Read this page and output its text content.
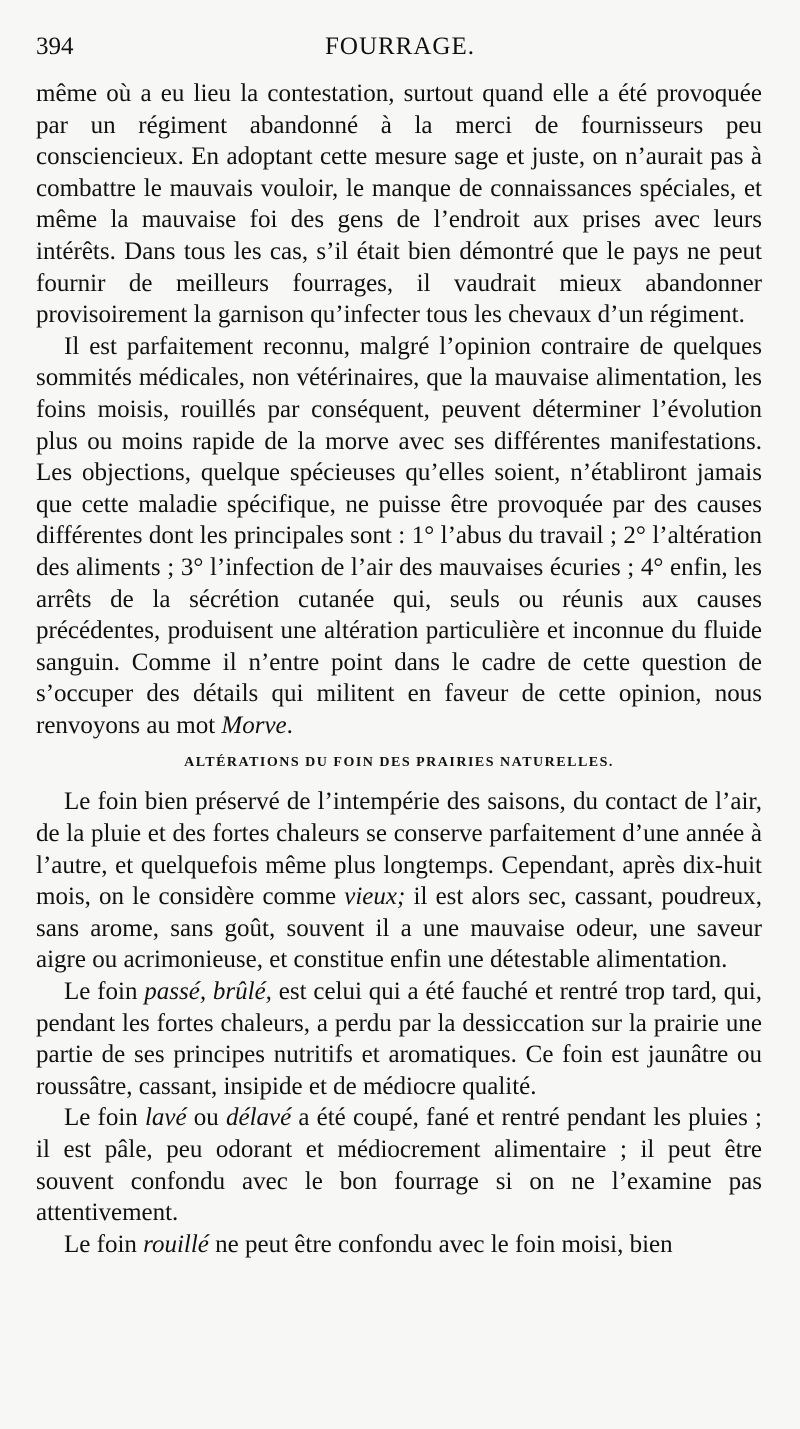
394	FOURRAGE.

même où a eu lieu la contestation, surtout quand elle a été provoquée par un régiment abandonné à la merci de fournisseurs peu consciencieux. En adoptant cette mesure sage et juste, on n’aurait pas à combattre le mauvais vouloir, le manque de connaissances spéciales, et même la mauvaise foi des gens de l’endroit aux prises avec leurs intérêts. Dans tous les cas, s’il était bien démontré que le pays ne peut fournir de meilleurs fourrages, il vaudrait mieux abandonner provisoirement la garnison qu’infecter tous les chevaux d’un régiment.

Il est parfaitement reconnu, malgré l’opinion contraire de quelques sommités médicales, non vétérinaires, que la mauvaise alimentation, les foins moisis, rouillés par conséquent, peuvent déterminer l’évolution plus ou moins rapide de la morve avec ses différentes manifestations. Les objections, quelque spécieuses qu’elles soient, n’établiront jamais que cette maladie spécifique, ne puisse être provoquée par des causes différentes dont les principales sont : 1° l’abus du travail ; 2° l’altération des aliments ; 3° l’infection de l’air des mauvaises écuries ; 4° enfin, les arrêts de la sécrétion cutanée qui, seuls ou réunis aux causes précédentes, produisent une altération particulière et inconnue du fluide sanguin. Comme il n’entre point dans le cadre de cette question de s’occuper des détails qui militent en faveur de cette opinion, nous renvoyons au mot Morve.

ALTÉRATIONS DU FOIN DES PRAIRIES NATURELLES.

Le foin bien préservé de l’intempérie des saisons, du contact de l’air, de la pluie et des fortes chaleurs se conserve parfaitement d’une année à l’autre, et quelquefois même plus longtemps. Cependant, après dix-huit mois, on le considère comme vieux; il est alors sec, cassant, poudreux, sans arome, sans goût, souvent il a une mauvaise odeur, une saveur aigre ou acrimonieuse, et constitue enfin une détestable alimentation.

Le foin passé, brûlé, est celui qui a été fauché et rentré trop tard, qui, pendant les fortes chaleurs, a perdu par la dessiccation sur la prairie une partie de ses principes nutritifs et aromatiques. Ce foin est jaunâtre ou roussâtre, cassant, insipide et de médiocre qualité.

Le foin lavé ou délavé a été coupé, fané et rentré pendant les pluies ; il est pâle, peu odorant et médiocrement alimentaire ; il peut être souvent confondu avec le bon fourrage si on ne l’examine pas attentivement.

Le foin rouillé ne peut être confondu avec le foin moisi, bien
